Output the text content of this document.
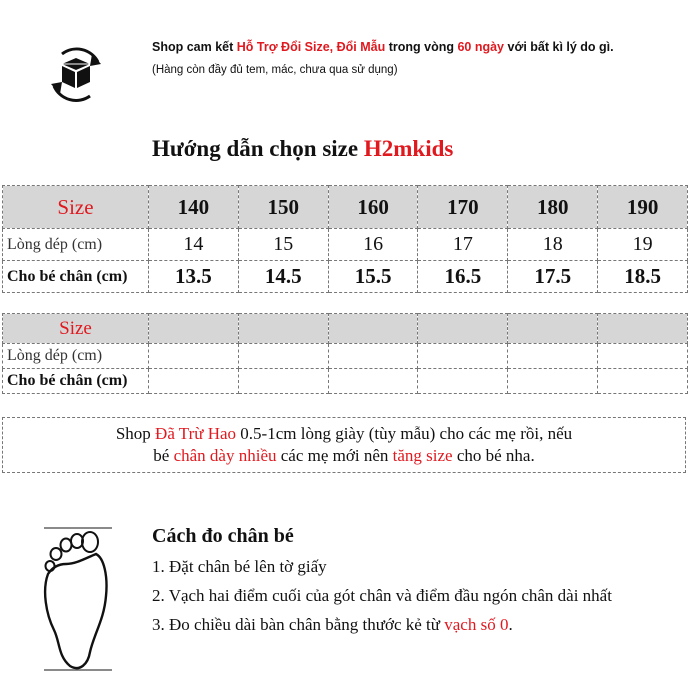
Shop cam kết Hỗ Trợ Đổi Size, Đổi Mẫu trong vòng 60 ngày với bất kì lý do gì.
(Hàng còn đầy đủ tem, mác, chưa qua sử dụng)
Hướng dẫn chọn size H2mkids
Size	140	150	160	170	180	190
Lòng dép (cm)	14	15	16	17	18	19
Cho bé chân (cm)	13.5	14.5	15.5	16.5	17.5	18.5
Size						
Lòng dép (cm)						
Cho bé chân (cm)						
Shop Đã Trừ Hao 0.5-1cm lòng giày (tùy mẫu) cho các mẹ rồi, nếu
bé chân dày nhiều các mẹ mới nên tăng size cho bé nha.
Cách đo chân bé
1. Đặt chân bé lên tờ giấy
2. Vạch hai điểm cuối của gót chân và điểm đầu ngón chân dài nhất
3. Đo chiều dài bàn chân bằng thước kẻ từ vạch số 0.
